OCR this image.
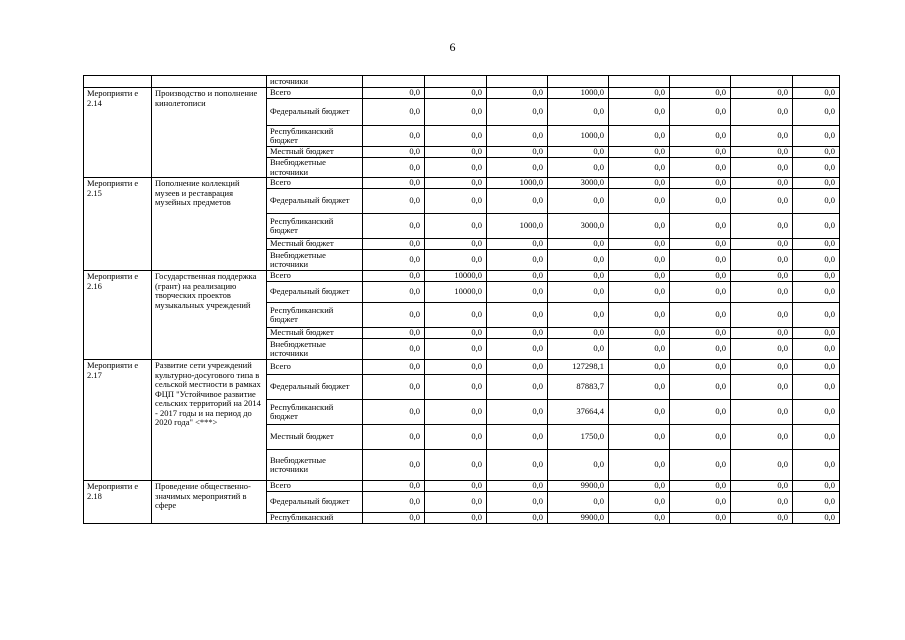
6
		источники								
Мероприяти е 2.14	Производство и пополнение кинолетописи	Всего	0,0	0,0	0,0	1000,0	0,0	0,0	0,0	0,0
		Федеральный бюджет	0,0	0,0	0,0	0,0	0,0	0,0	0,0	0,0
		Республиканский бюджет	0,0	0,0	0,0	1000,0	0,0	0,0	0,0	0,0
		Местный бюджет	0,0	0,0	0,0	0,0	0,0	0,0	0,0	0,0
		Внебюджетные источники	0,0	0,0	0,0	0,0	0,0	0,0	0,0	0,0
Мероприяти е 2.15	Пополнение коллекций музеев и реставрация музейных предметов	Всего	0,0	0,0	1000,0	3000,0	0,0	0,0	0,0	0,0
		Федеральный бюджет	0,0	0,0	0,0	0,0	0,0	0,0	0,0	0,0
		Республиканский бюджет	0,0	0,0	1000,0	3000,0	0,0	0,0	0,0	0,0
		Местный бюджет	0,0	0,0	0,0	0,0	0,0	0,0	0,0	0,0
		Внебюджетные источники	0,0	0,0	0,0	0,0	0,0	0,0	0,0	0,0
Мероприяти е 2.16	Государственная поддержка (грант) на реализацию творческих проектов музыкальных учреждений	Всего	0,0	10000,0	0,0	0,0	0,0	0,0	0,0	0,0
		Федеральный бюджет	0,0	10000,0	0,0	0,0	0,0	0,0	0,0	0,0
		Республиканский бюджет	0,0	0,0	0,0	0,0	0,0	0,0	0,0	0,0
		Местный бюджет	0,0	0,0	0,0	0,0	0,0	0,0	0,0	0,0
		Внебюджетные источники	0,0	0,0	0,0	0,0	0,0	0,0	0,0	0,0
Мероприяти е 2.17	Развитие сети учреждений культурно-досугового типа в сельской местности в рамках ФЦП "Устойчивое развитие сельских территорий на 2014 - 2017 годы и на период до 2020 года" <***>	Всего	0,0	0,0	0,0	127298,1	0,0	0,0	0,0	0,0
		Федеральный бюджет	0,0	0,0	0,0	87883,7	0,0	0,0	0,0	0,0
		Республиканский бюджет	0,0	0,0	0,0	37664,4	0,0	0,0	0,0	0,0
		Местный бюджет	0,0	0,0	0,0	1750,0	0,0	0,0	0,0	0,0
		Внебюджетные источники	0,0	0,0	0,0	0,0	0,0	0,0	0,0	0,0
Мероприяти е 2.18	Проведение общественно-значимых мероприятий в сфере	Всего	0,0	0,0	0,0	9900,0	0,0	0,0	0,0	0,0
		Федеральный бюджет	0,0	0,0	0,0	0,0	0,0	0,0	0,0	0,0
		Республиканский	0,0	0,0	0,0	9900,0	0,0	0,0	0,0	0,0
